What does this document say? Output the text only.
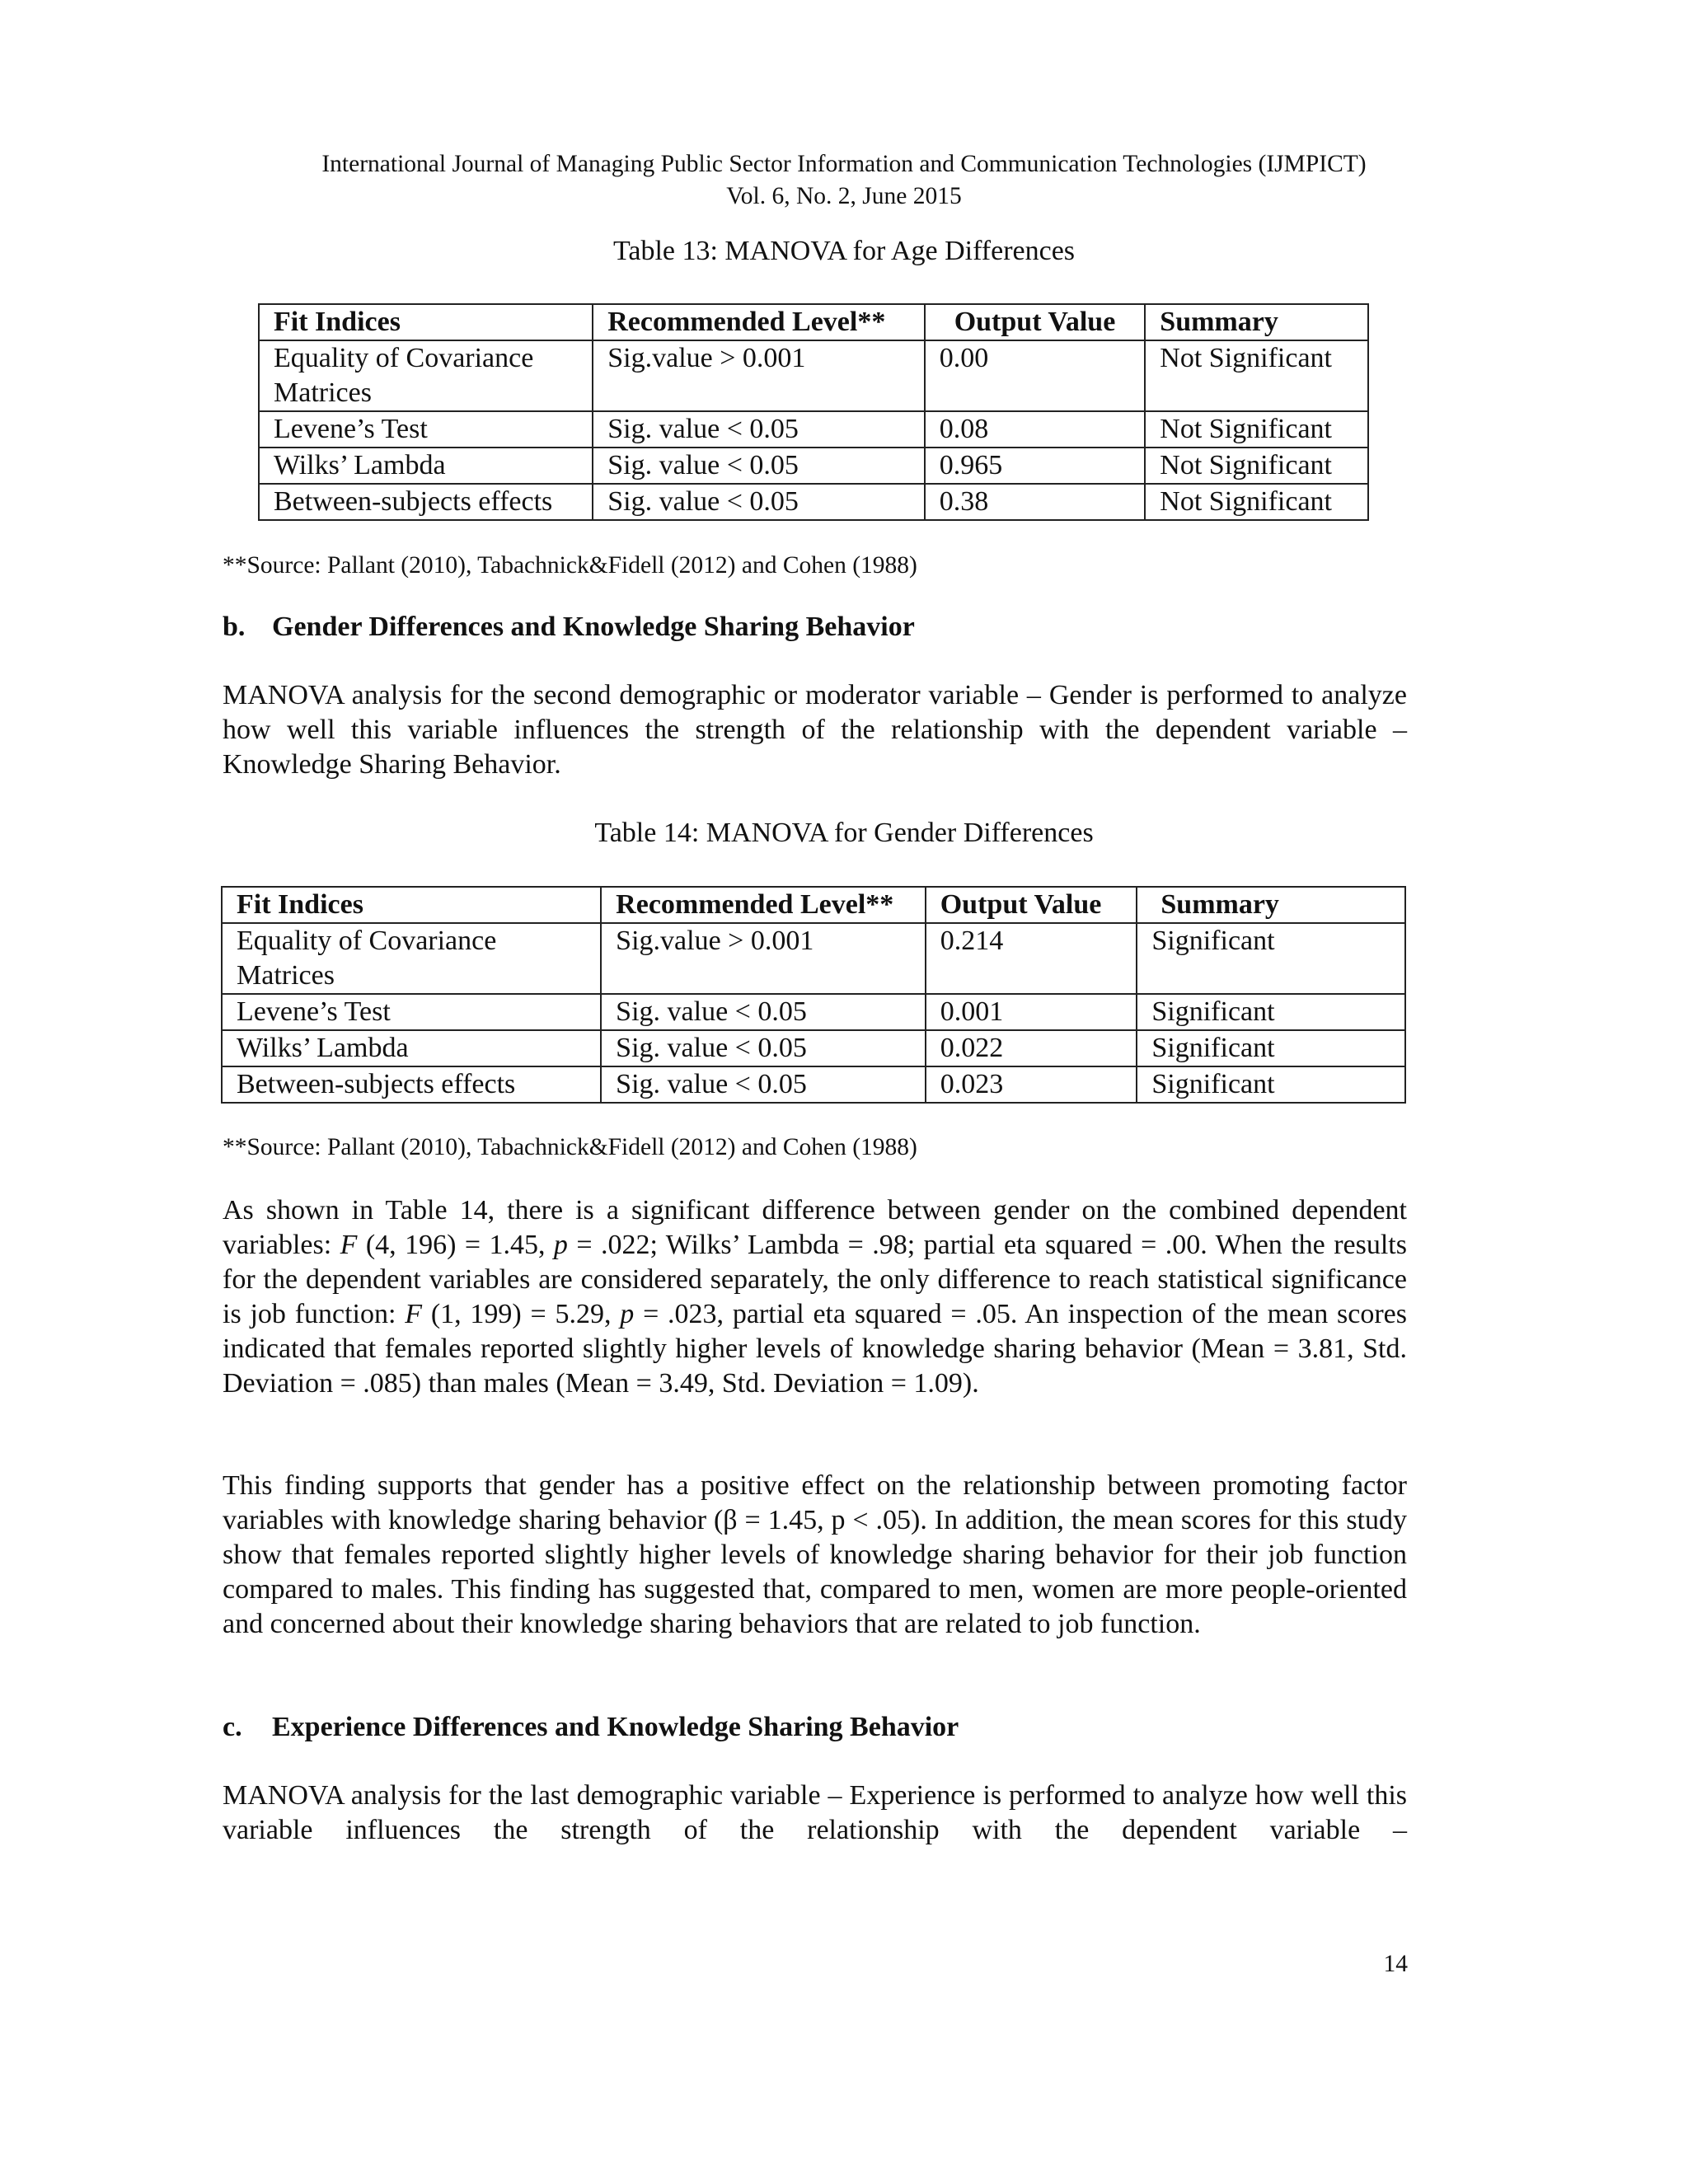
International Journal of Managing Public Sector Information and Communication Technologies (IJMPICT)
Vol. 6, No. 2, June 2015
Table 13: MANOVA for Age Differences
Fit Indices	Recommended Level**	Output Value	Summary
Equality of Covariance Matrices	Sig.value > 0.001	0.00	Not Significant
Levene’s Test	Sig. value < 0.05	0.08	Not Significant
Wilks’ Lambda	Sig. value < 0.05	0.965	Not Significant
Between-subjects effects	Sig. value < 0.05	0.38	Not Significant
**Source: Pallant (2010), Tabachnick&Fidell (2012) and Cohen (1988)
b. Gender Differences and Knowledge Sharing Behavior

MANOVA analysis for the second demographic or moderator variable – Gender is performed to analyze how well this variable influences the strength of the relationship with the dependent variable – Knowledge Sharing Behavior.

Table 14: MANOVA for Gender Differences
Fit Indices	Recommended Level**	Output Value	Summary
Equality of Covariance Matrices	Sig.value > 0.001	0.214	Significant
Levene’s Test	Sig. value < 0.05	0.001	Significant
Wilks’ Lambda	Sig. value < 0.05	0.022	Significant
Between-subjects effects	Sig. value < 0.05	0.023	Significant
**Source: Pallant (2010), Tabachnick&Fidell (2012) and Cohen (1988)

As shown in Table 14, there is a significant difference between gender on the combined dependent variables: F (4, 196) = 1.45, p = .022; Wilks’ Lambda = .98; partial eta squared = .00. When the results for the dependent variables are considered separately, the only difference to reach statistical significance is job function: F (1, 199) = 5.29, p = .023, partial eta squared = .05. An inspection of the mean scores indicated that females reported slightly higher levels of knowledge sharing behavior (Mean = 3.81, Std. Deviation = .085) than males (Mean = 3.49, Std. Deviation = 1.09).

This finding supports that gender has a positive effect on the relationship between promoting factor variables with knowledge sharing behavior (β = 1.45, p < .05). In addition, the mean scores for this study show that females reported slightly higher levels of knowledge sharing behavior for their job function compared to males. This finding has suggested that, compared to men, women are more people-oriented and concerned about their knowledge sharing behaviors that are related to job function.

c. Experience Differences and Knowledge Sharing Behavior

MANOVA analysis for the last demographic variable – Experience is performed to analyze how well this variable influences the strength of the relationship with the dependent variable –

14
